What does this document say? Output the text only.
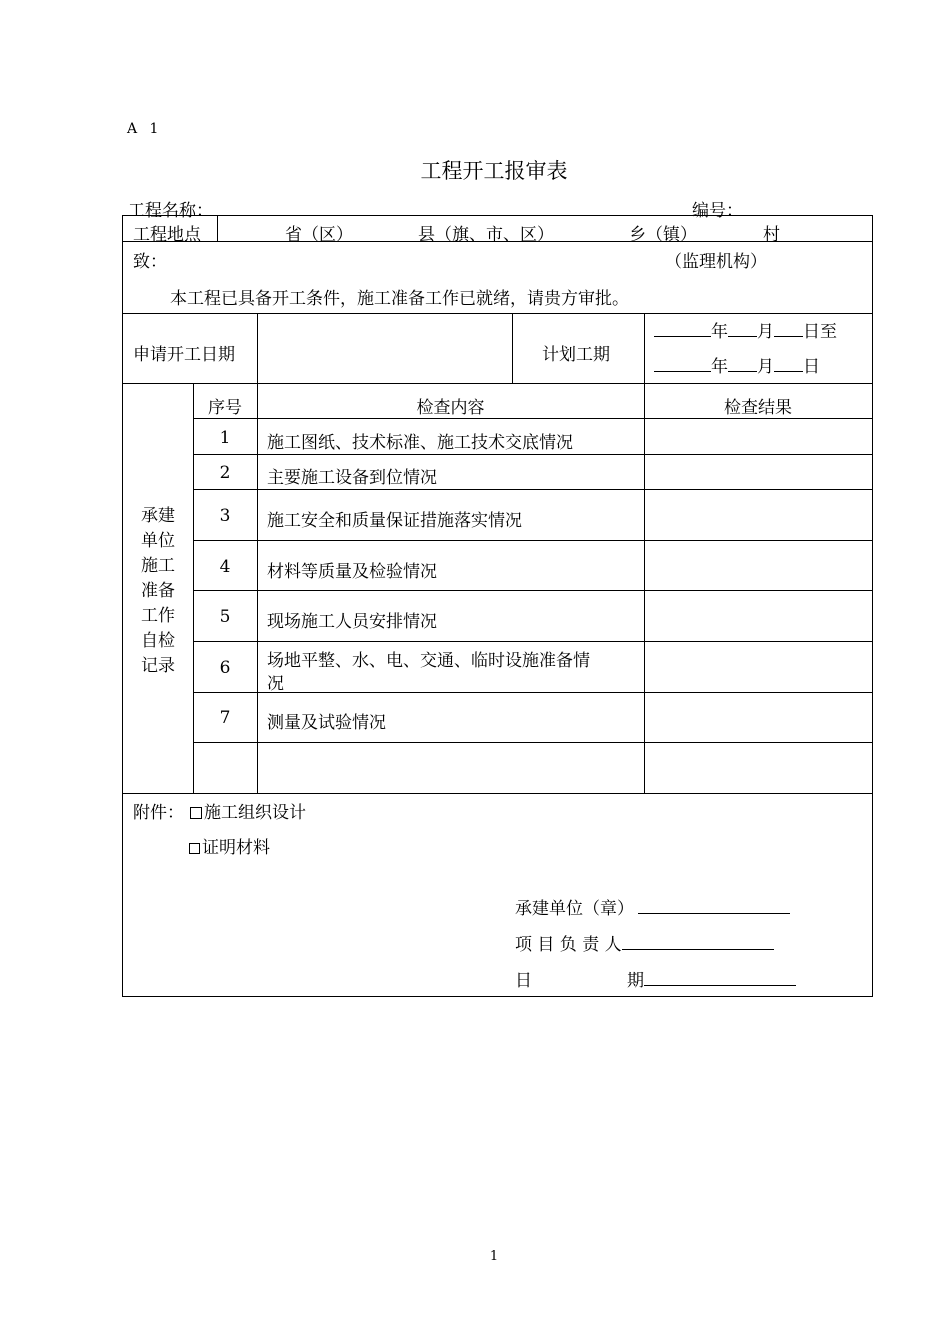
A 1
工程开工报审表
工程名称：	编号：
工程地点	省（区）	县（旗、市、区）	乡（镇）	村
致：	（监理机构）
本工程已具备开工条件，施工准备工作已就绪，请贵方审批。
申请开工日期	计划工期
年 月 日至
年 月 日
承建
单位
施工
准备
工作
自检
记录
序号	检查内容	检查结果
1	施工图纸、技术标准、施工技术交底情况
2	主要施工设备到位情况
3	施工安全和质量保证措施落实情况
4	材料等质量及检验情况
5	现场施工人员安排情况
6	场地平整、水、电、交通、临时设施准备情
况
7	测量及试验情况
附件：	施工组织设计
证明材料
承建单位（章）
项 目 负 责 人
日	期
1
